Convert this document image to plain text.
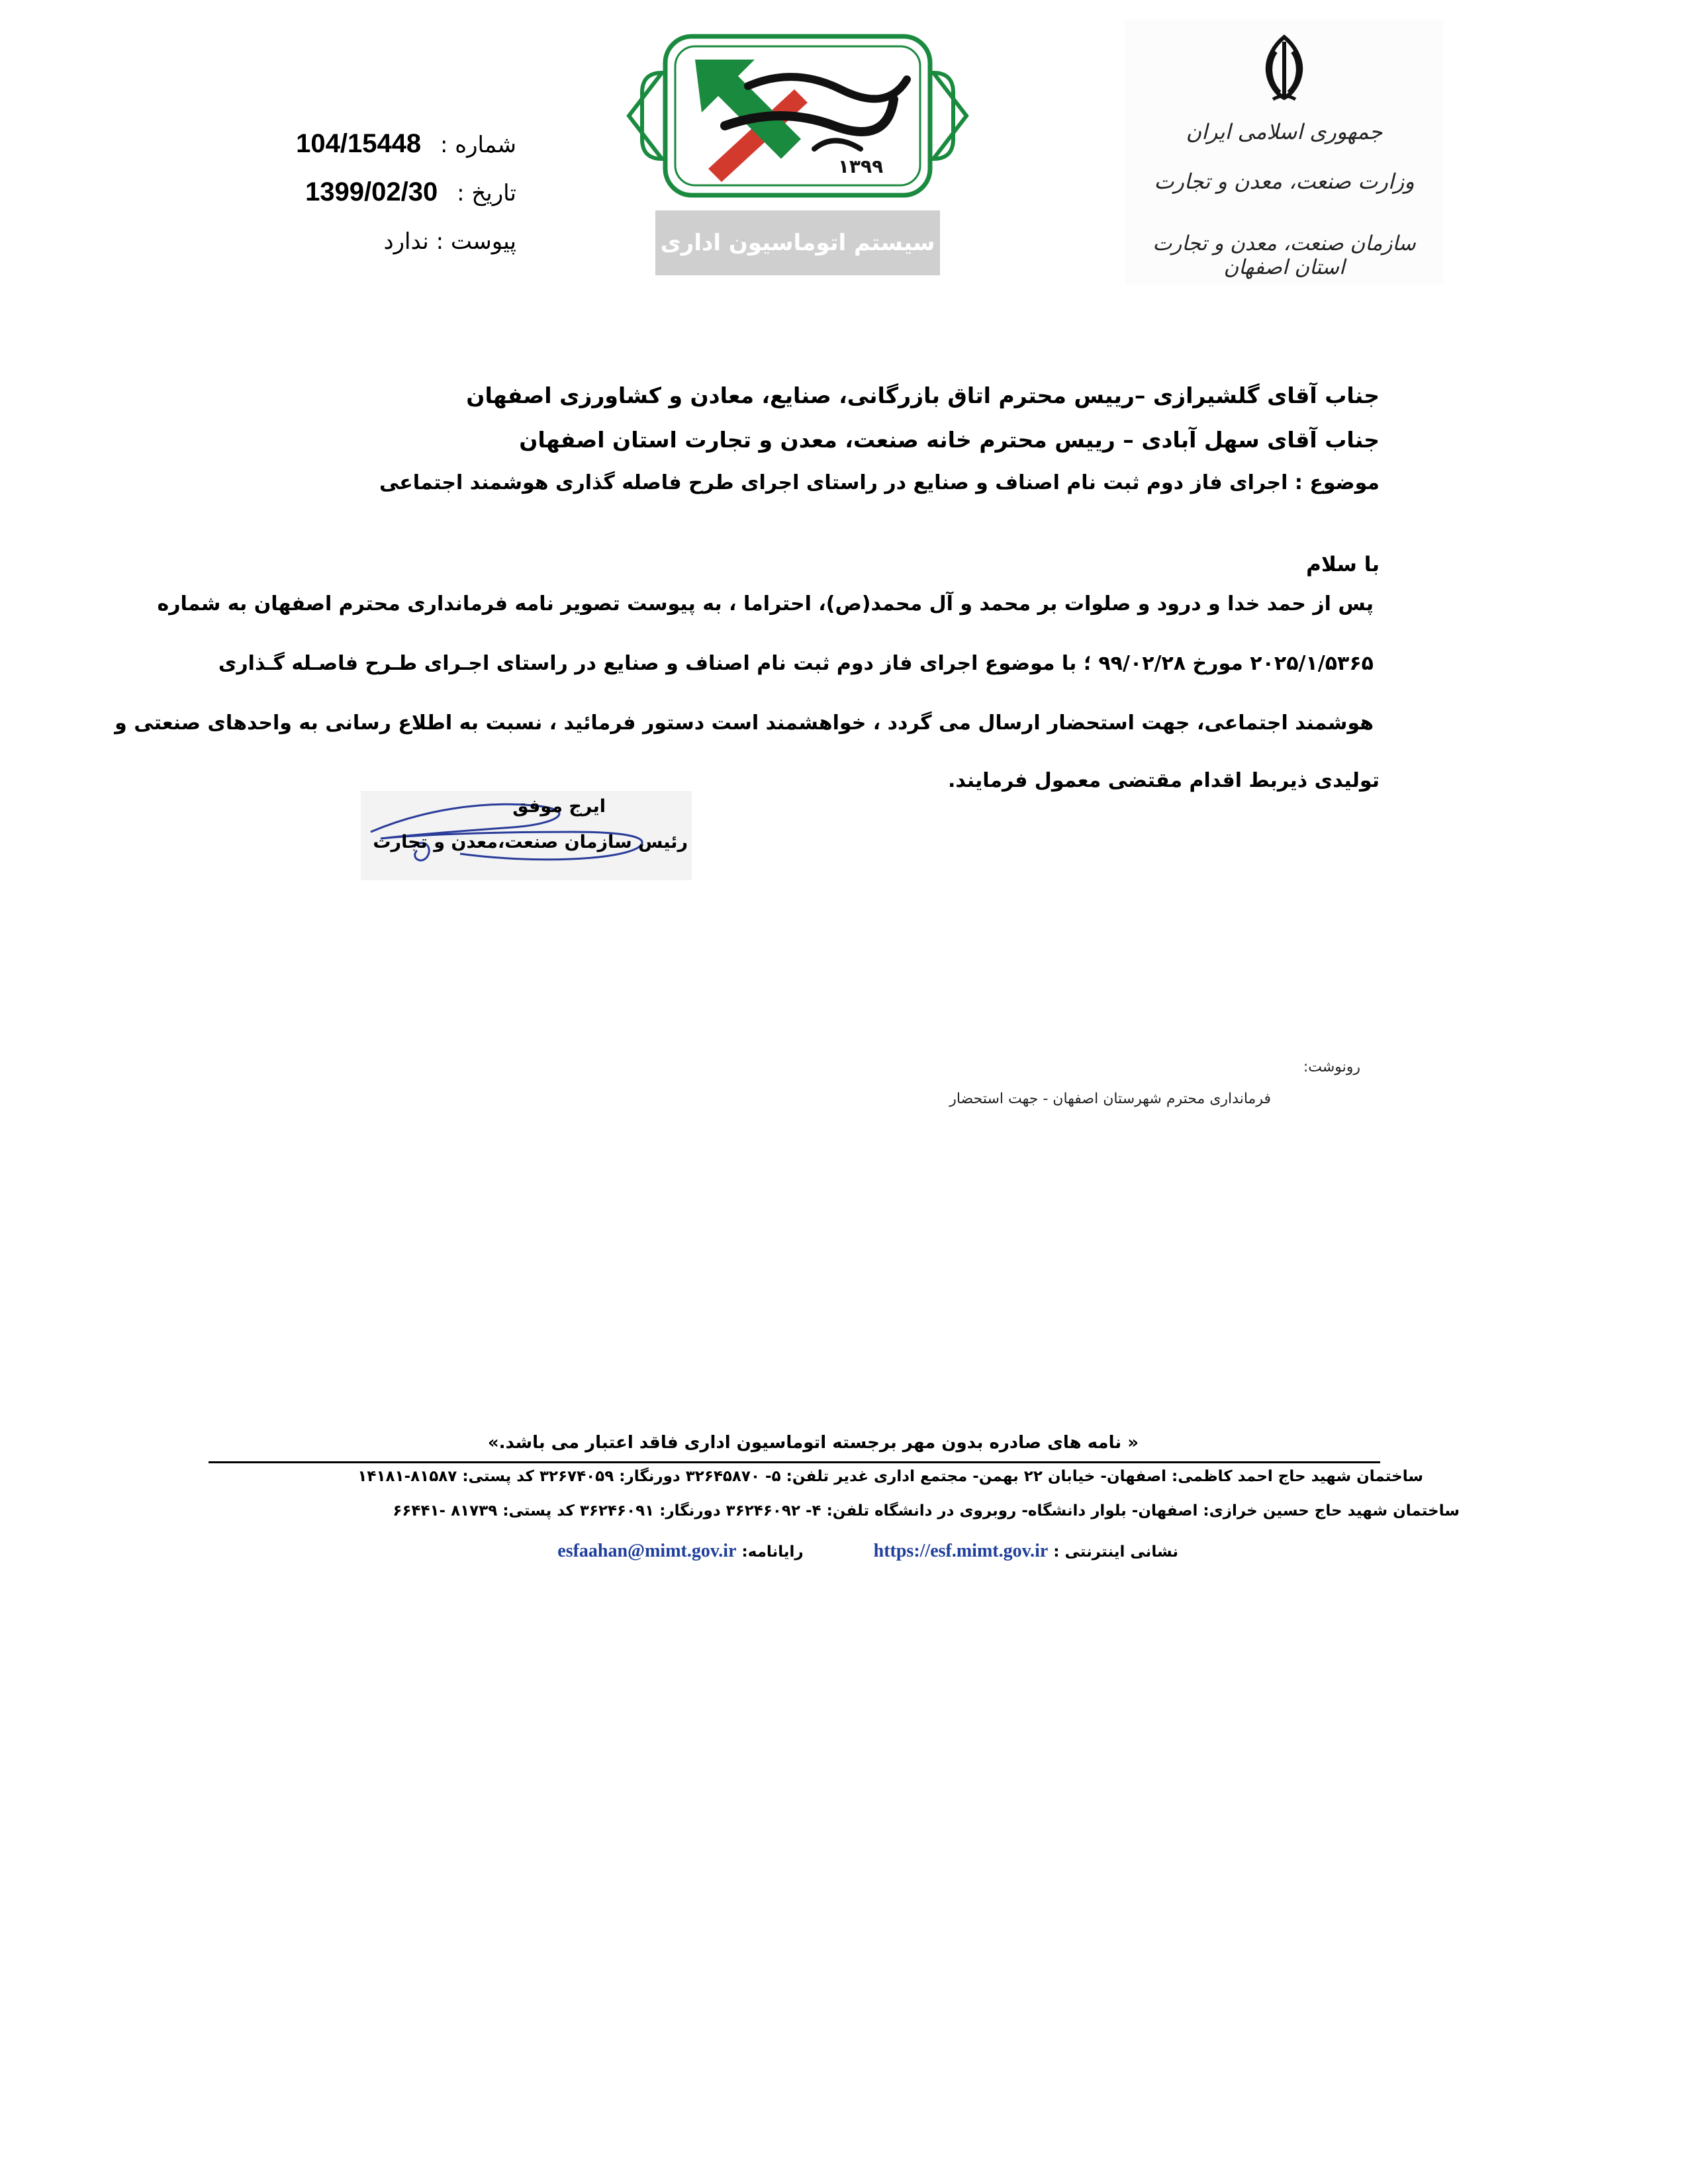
شماره : 104/15448
تاریخ : 1399/02/30
پیوست : ندارد
۱۳۹۹
سیستم اتوماسیون اداری
جمهوری اسلامی ایران
وزارت صنعت، معدن و تجارت
سازمان صنعت، معدن و تجارت استان اصفهان
جناب آقای گلشیرازی –رییس محترم اتاق بازرگانی، صنایع، معادن و کشاورزی اصفهان
جناب آقای سهل آبادی – رییس محترم خانه صنعت، معدن و تجارت استان اصفهان
موضوع : اجرای فاز دوم ثبت نام اصناف و صنایع در راستای اجرای طرح فاصله گذاری هوشمند اجتماعی
با سلام
پس از حمد خدا و درود و صلوات بر محمد و آل محمد(ص)، احتراما ، به پیوست تصویر نامه فرمانداری محترم اصفهان به شماره
۲۰۲۵/۱/۵۳۶۵ مورخ ۹۹/۰۲/۲۸ ؛ با موضوع اجرای فاز دوم ثبت نام اصناف و صنایع در راستای اجـرای طـرح فاصـله گـذاری
هوشمند اجتماعی، جهت استحضار ارسال می گردد ، خواهشمند است دستور فرمائید ، نسبت به اطلاع رسانی به واحدهای صنعتی و
تولیدی ذیربط اقدام مقتضی معمول فرمایند.
ایرج موفق
رئیس سازمان صنعت،معدن و تجارت
رونوشت:
فرمانداری محترم شهرستان اصفهان - جهت استحضار
« نامه های صادره بدون مهر برجسته اتوماسیون اداری فاقد اعتبار می باشد.»
ساختمان شهید حاج احمد کاظمی: اصفهان- خیابان ۲۲ بهمن- مجتمع اداری غدیر تلفن: ۵- ۳۲۶۴۵۸۷۰ دورنگار: ۳۲۶۷۴۰۵۹ کد پستی: ۸۱۵۸۷-۱۴۱۸۱
ساختمان شهید حاج حسین خرازی: اصفهان- بلوار دانشگاه- روبروی در دانشگاه تلفن: ۴- ۳۶۲۴۶۰۹۲ دورنگار: ۳۶۲۴۶۰۹۱ کد پستی: ۸۱۷۳۹ -۶۶۴۴۱
نشانی اینترنتی : https://esf.mimt.gov.ir  رایانامه: esfaahan@mimt.gov.ir
